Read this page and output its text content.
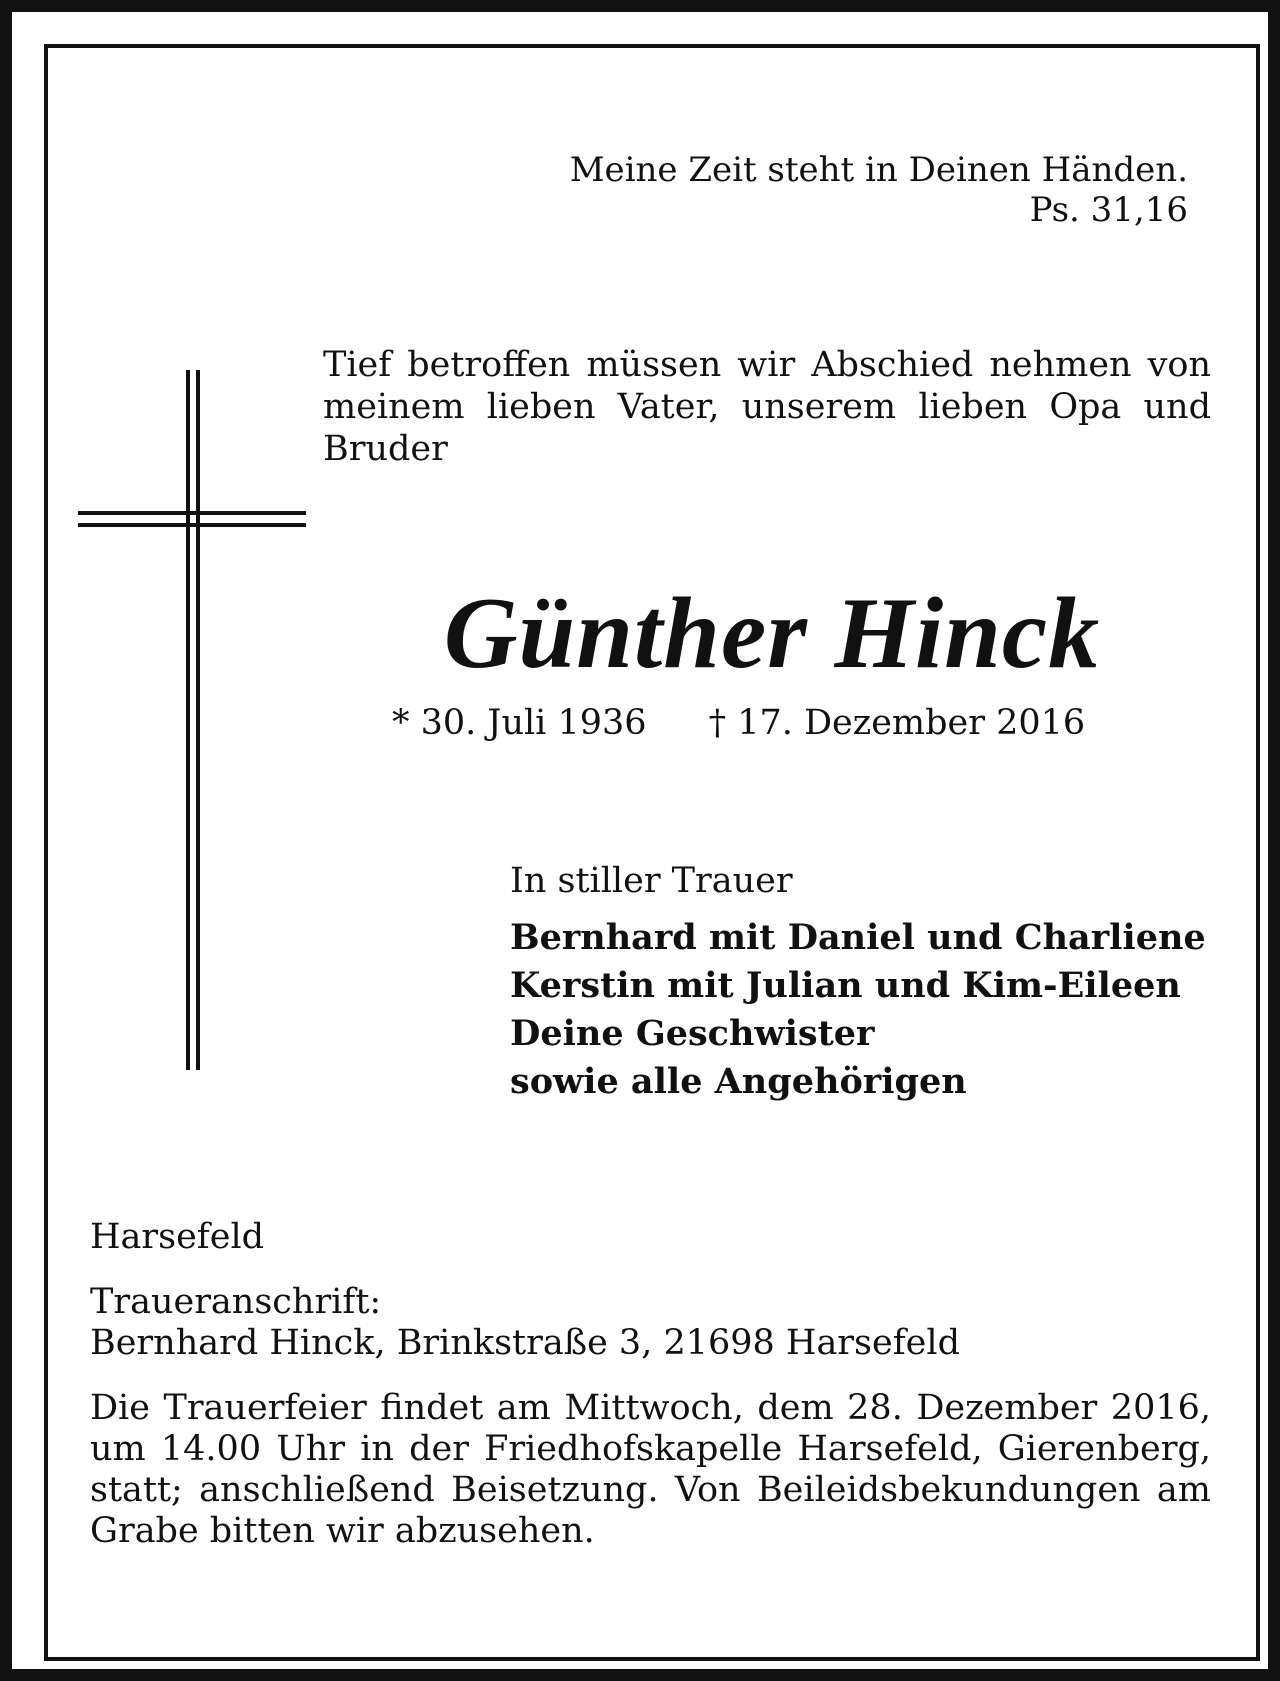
Meine Zeit steht in Deinen Händen.
Ps. 31,16
Tief betroffen müssen wir Abschied nehmen von meinem lieben Vater, unserem lieben Opa und Bruder
Günther Hinck
* 30. Juli 1936 † 17. Dezember 2016
In stiller Trauer
Bernhard mit Daniel und Charliene
Kerstin mit Julian und Kim-Eileen
Deine Geschwister
sowie alle Angehörigen
Harsefeld
Traueranschrift:
Bernhard Hinck, Brinkstraße 3, 21698 Harsefeld
Die Trauerfeier findet am Mittwoch, dem 28. Dezember 2016, um 14.00 Uhr in der Friedhofskapelle Harsefeld, Gierenberg, statt; anschließend Beisetzung. Von Beileidsbekundungen am Grabe bitten wir abzusehen.
